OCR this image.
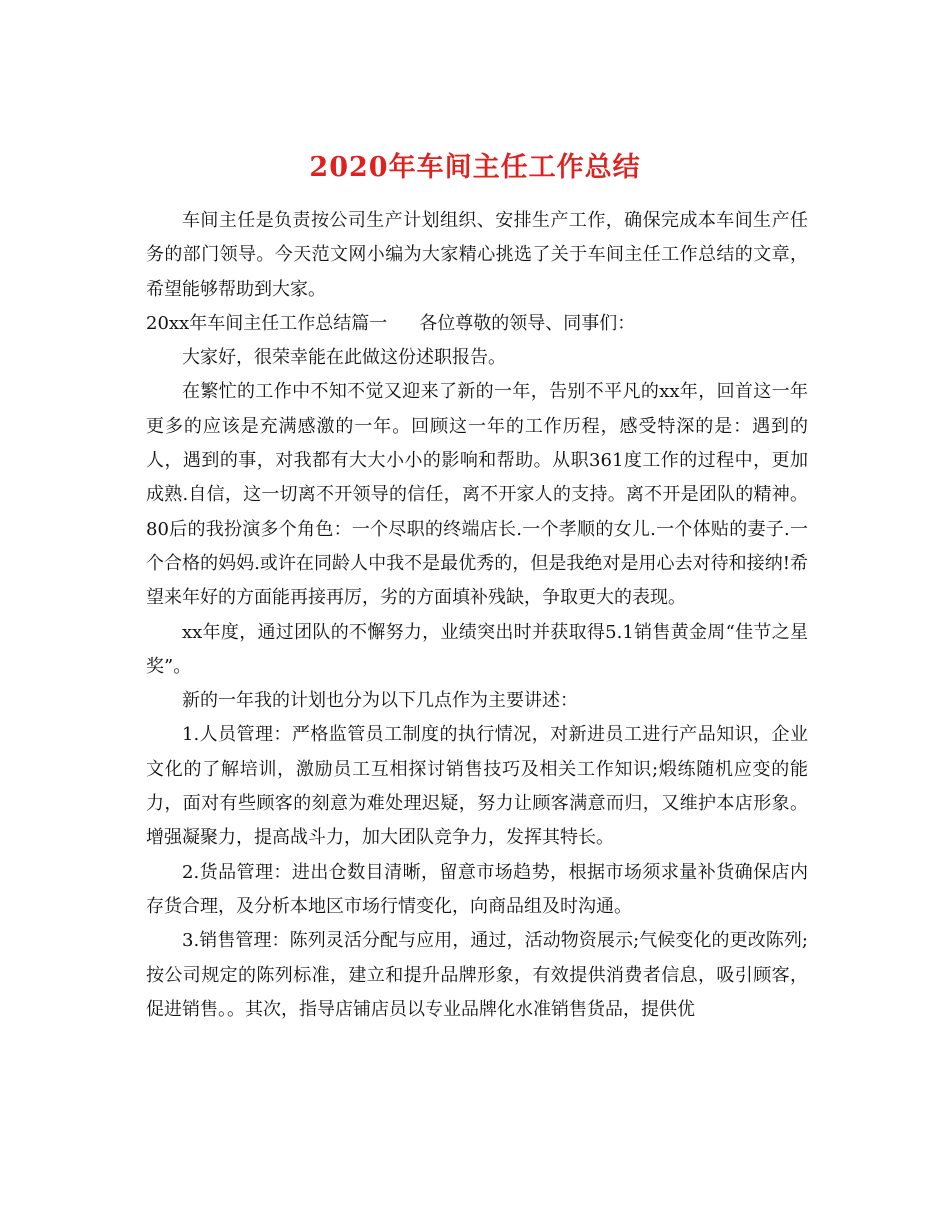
2020年车间主任工作总结

车间主任是负责按公司生产计划组织、安排生产工作，确保完成本车间生产任务的部门领导。今天范文网小编为大家精心挑选了关于车间主任工作总结的文章，希望能够帮助到大家。

20xx年车间主任工作总结篇一 各位尊敬的领导、同事们：

大家好，很荣幸能在此做这份述职报告。

在繁忙的工作中不知不觉又迎来了新的一年，告别不平凡的xx年，回首这一年更多的应该是充满感激的一年。回顾这一年的工作历程，感受特深的是：遇到的人，遇到的事，对我都有大大小小的影响和帮助。从职361度工作的过程中，更加成熟.自信，这一切离不开领导的信任，离不开家人的支持。离不开是团队的精神。80后的我扮演多个角色：一个尽职的终端店长.一个孝顺的女儿.一个体贴的妻子.一个合格的妈妈.或许在同龄人中我不是最优秀的，但是我绝对是用心去对待和接纳!希望来年好的方面能再接再厉，劣的方面填补残缺，争取更大的表现。

xx年度，通过团队的不懈努力，业绩突出时并获取得5.1销售黄金周“佳节之星奖”。

新的一年我的计划也分为以下几点作为主要讲述：

1.人员管理：严格监管员工制度的执行情况，对新进员工进行产品知识，企业文化的了解培训，激励员工互相探讨销售技巧及相关工作知识;煅练随机应变的能力，面对有些顾客的刻意为难处理迟疑，努力让顾客满意而归，又维护本店形象。增强凝聚力，提高战斗力，加大团队竞争力，发挥其特长。

2.货品管理：进出仓数目清晰，留意市场趋势，根据市场须求量补货确保店内存货合理，及分析本地区市场行情变化，向商品组及时沟通。

3.销售管理：陈列灵活分配与应用，通过，活动物资展示;气候变化的更改陈列;按公司规定的陈列标准，建立和提升品牌形象，有效提供消费者信息，吸引顾客，促进销售。。其次，指导店铺店员以专业品牌化水准销售货品，提供优
